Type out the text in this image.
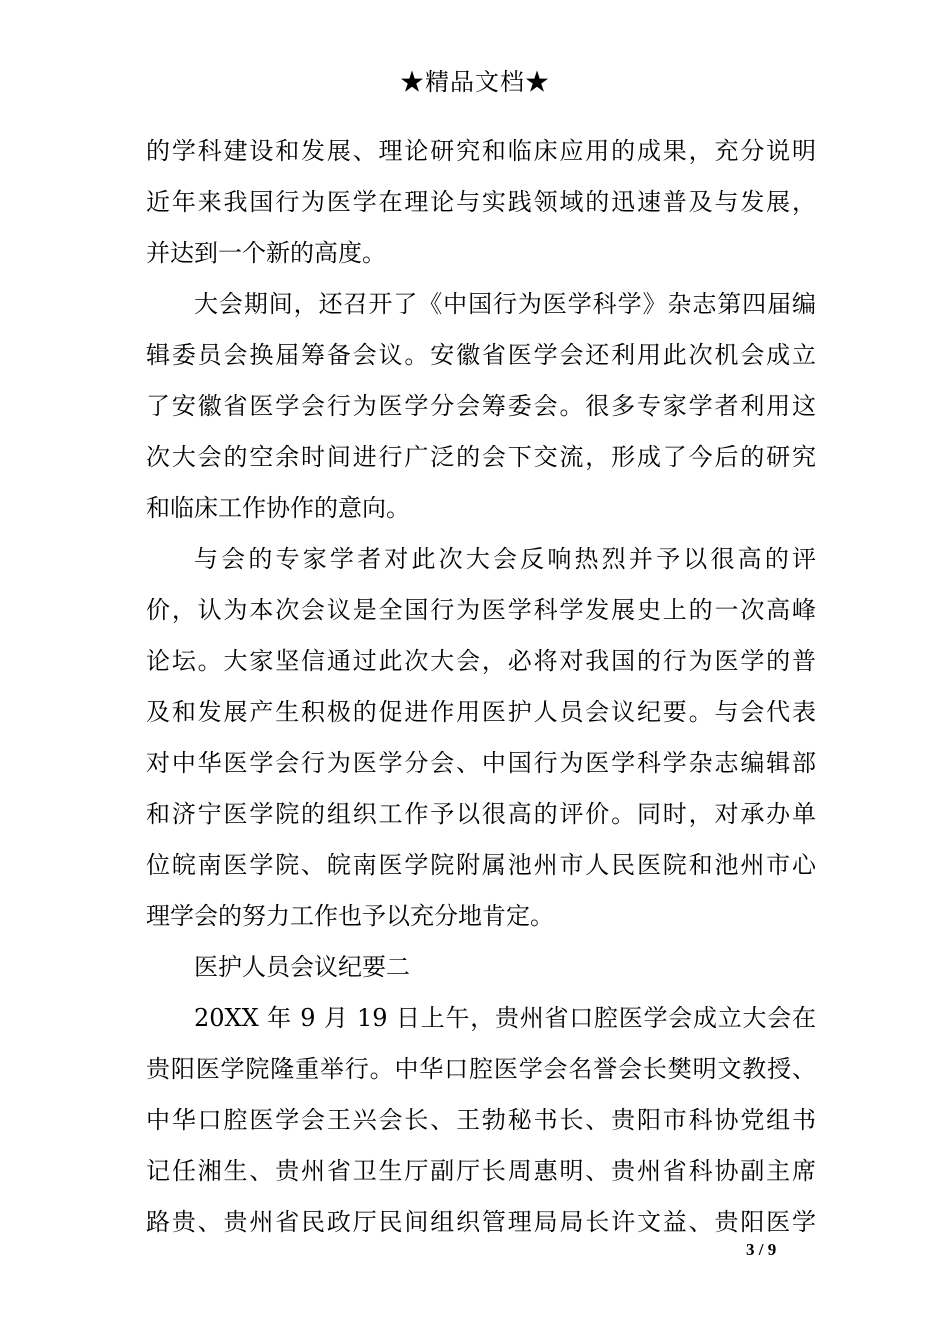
★精品文档★

的学科建设和发展、理论研究和临床应用的成果，充分说明
近年来我国行为医学在理论与实践领域的迅速普及与发展，
并达到一个新的高度。

大会期间，还召开了《中国行为医学科学》杂志第四届编
辑委员会换届筹备会议。安徽省医学会还利用此次机会成立
了安徽省医学会行为医学分会筹委会。很多专家学者利用这
次大会的空余时间进行广泛的会下交流，形成了今后的研究
和临床工作协作的意向。

与会的专家学者对此次大会反响热烈并予以很高的评
价，认为本次会议是全国行为医学科学发展史上的一次高峰
论坛。大家坚信通过此次大会，必将对我国的行为医学的普
及和发展产生积极的促进作用医护人员会议纪要。与会代表
对中华医学会行为医学分会、中国行为医学科学杂志编辑部
和济宁医学院的组织工作予以很高的评价。同时，对承办单
位皖南医学院、皖南医学院附属池州市人民医院和池州市心
理学会的努力工作也予以充分地肯定。

医护人员会议纪要二

20XX 年 9 月 19 日上午，贵州省口腔医学会成立大会在
贵阳医学院隆重举行。中华口腔医学会名誉会长樊明文教授、
中华口腔医学会王兴会长、王勃秘书长、贵阳市科协党组书
记任湘生、贵州省卫生厅副厅长周惠明、贵州省科协副主席
路贵、贵州省民政厅民间组织管理局局长许文益、贵阳医学

3 / 9
